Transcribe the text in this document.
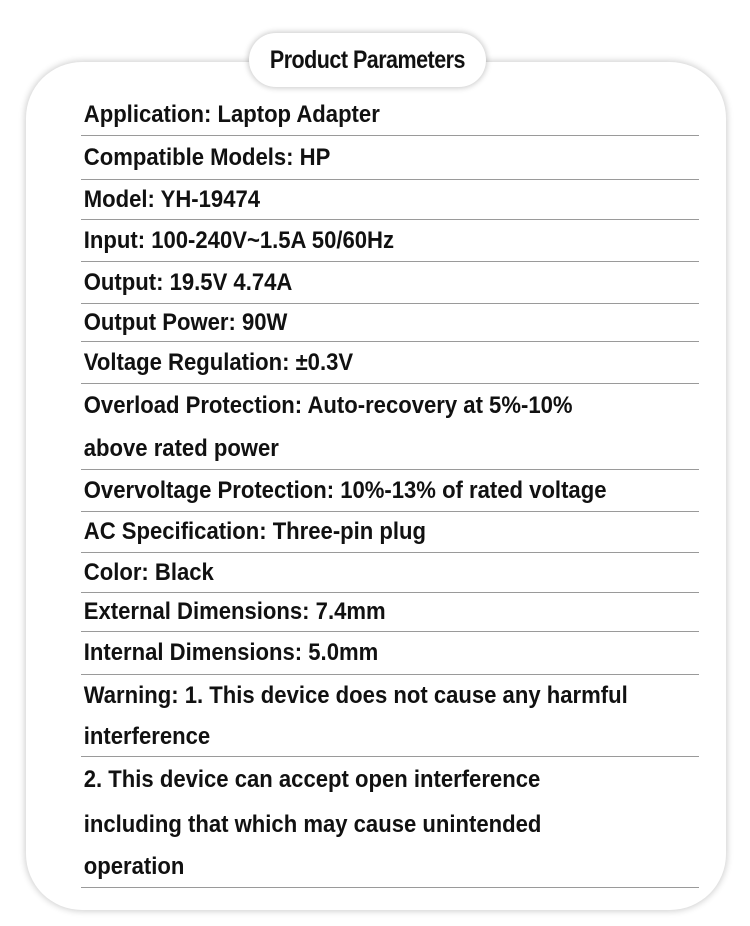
Product Parameters
Application: Laptop Adapter
Compatible Models: HP
Model: YH-19474
Input: 100-240V~1.5A 50/60Hz
Output: 19.5V 4.74A
Output Power: 90W
Voltage Regulation: ±0.3V
Overload Protection: Auto-recovery at 5%-10%
above rated power
Overvoltage Protection: 10%-13% of rated voltage
AC Specification: Three-pin plug
Color: Black
External Dimensions: 7.4mm
Internal Dimensions: 5.0mm
Warning: 1. This device does not cause any harmful
interference
2. This device can accept open interference
including that which may cause unintended
operation
